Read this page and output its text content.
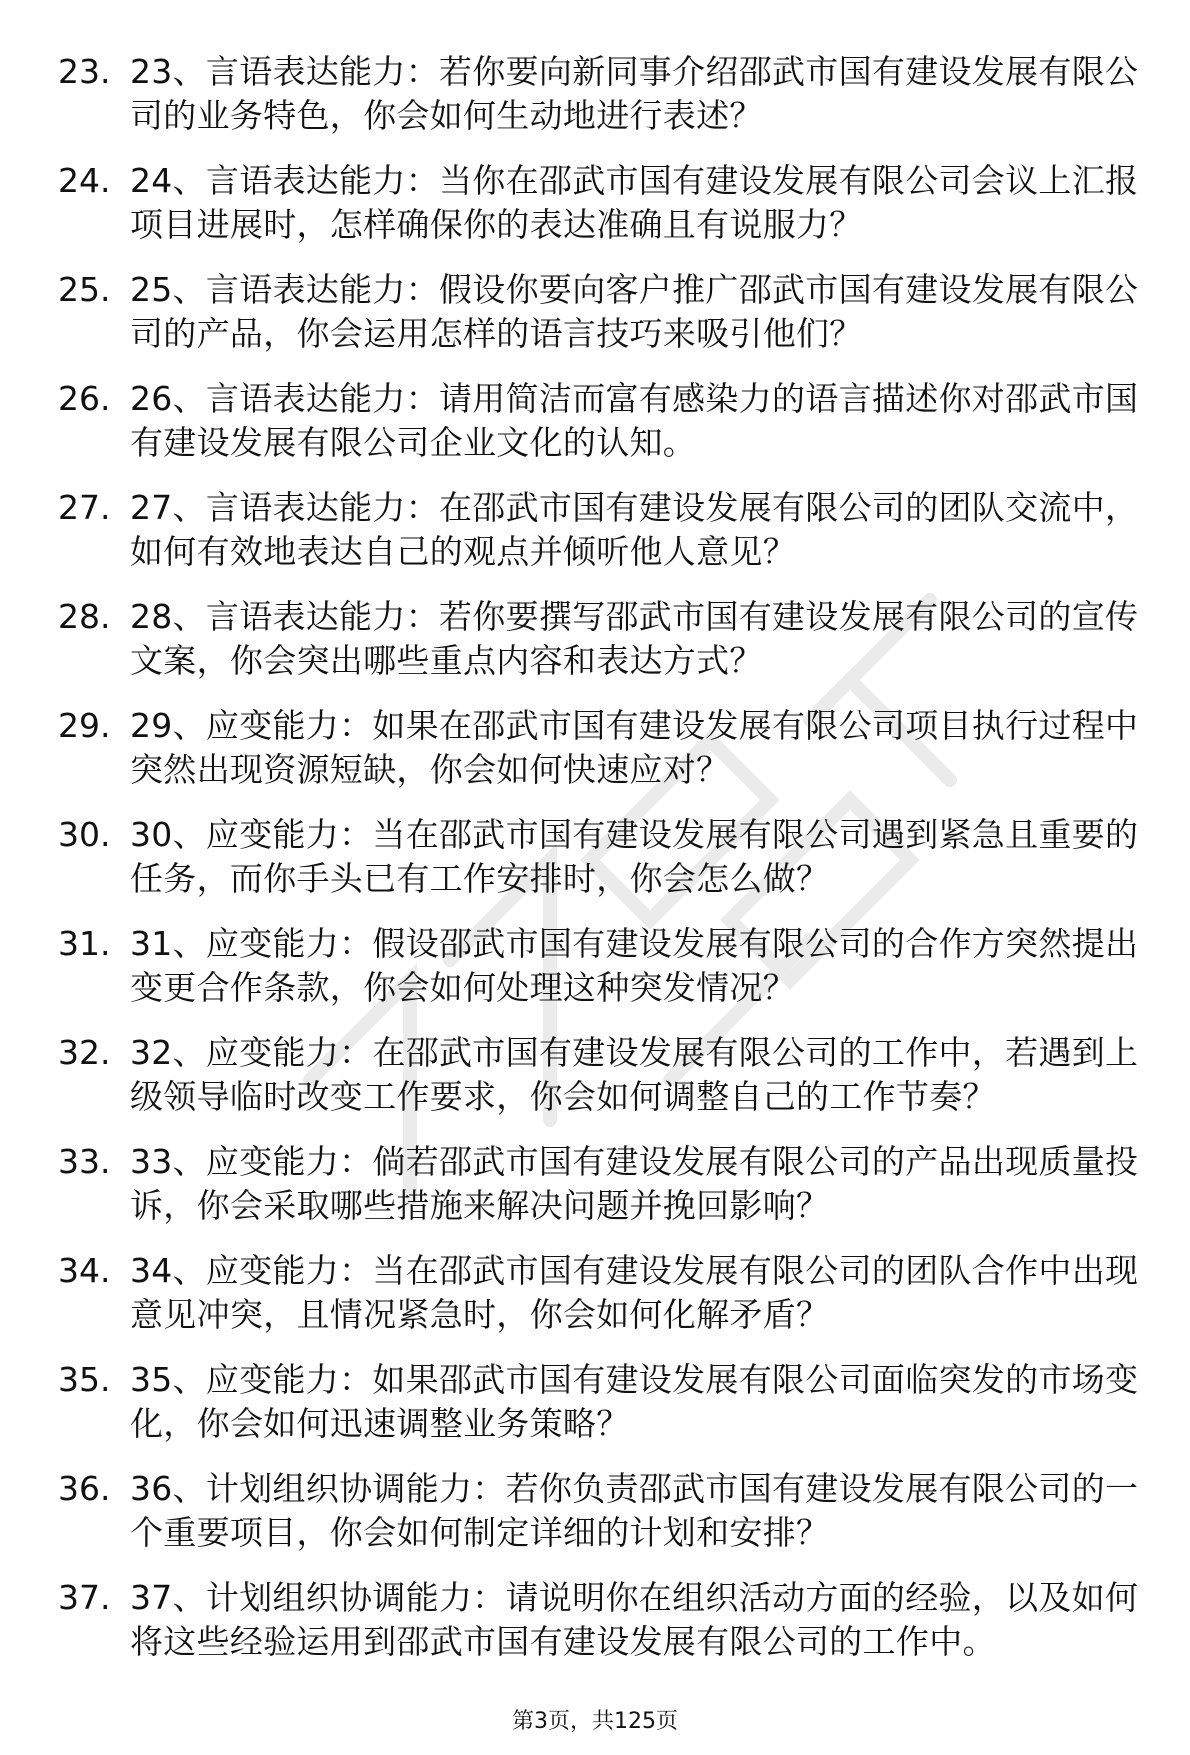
23. 23、言语表达能力：若你要向新同事介绍邵武市国有建设发展有限公司的业务特色，你会如何生动地进行表述？
24. 24、言语表达能力：当你在邵武市国有建设发展有限公司会议上汇报项目进展时，怎样确保你的表达准确且有说服力？
25. 25、言语表达能力：假设你要向客户推广邵武市国有建设发展有限公司的产品，你会运用怎样的语言技巧来吸引他们？
26. 26、言语表达能力：请用简洁而富有感染力的语言描述你对邵武市国有建设发展有限公司企业文化的认知。
27. 27、言语表达能力：在邵武市国有建设发展有限公司的团队交流中，如何有效地表达自己的观点并倾听他人意见？
28. 28、言语表达能力：若你要撰写邵武市国有建设发展有限公司的宣传文案，你会突出哪些重点内容和表达方式？
29. 29、应变能力：如果在邵武市国有建设发展有限公司项目执行过程中突然出现资源短缺，你会如何快速应对？
30. 30、应变能力：当在邵武市国有建设发展有限公司遇到紧急且重要的任务，而你手头已有工作安排时，你会怎么做？
31. 31、应变能力：假设邵武市国有建设发展有限公司的合作方突然提出变更合作条款，你会如何处理这种突发情况？
32. 32、应变能力：在邵武市国有建设发展有限公司的工作中，若遇到上级领导临时改变工作要求，你会如何调整自己的工作节奏？
33. 33、应变能力：倘若邵武市国有建设发展有限公司的产品出现质量投诉，你会采取哪些措施来解决问题并挽回影响？
34. 34、应变能力：当在邵武市国有建设发展有限公司的团队合作中出现意见冲突，且情况紧急时，你会如何化解矛盾？
35. 35、应变能力：如果邵武市国有建设发展有限公司面临突发的市场变化，你会如何迅速调整业务策略？
36. 36、计划组织协调能力：若你负责邵武市国有建设发展有限公司的一个重要项目，你会如何制定详细的计划和安排？
37. 37、计划组织协调能力：请说明你在组织活动方面的经验，以及如何将这些经验运用到邵武市国有建设发展有限公司的工作中。
第3页，共125页
